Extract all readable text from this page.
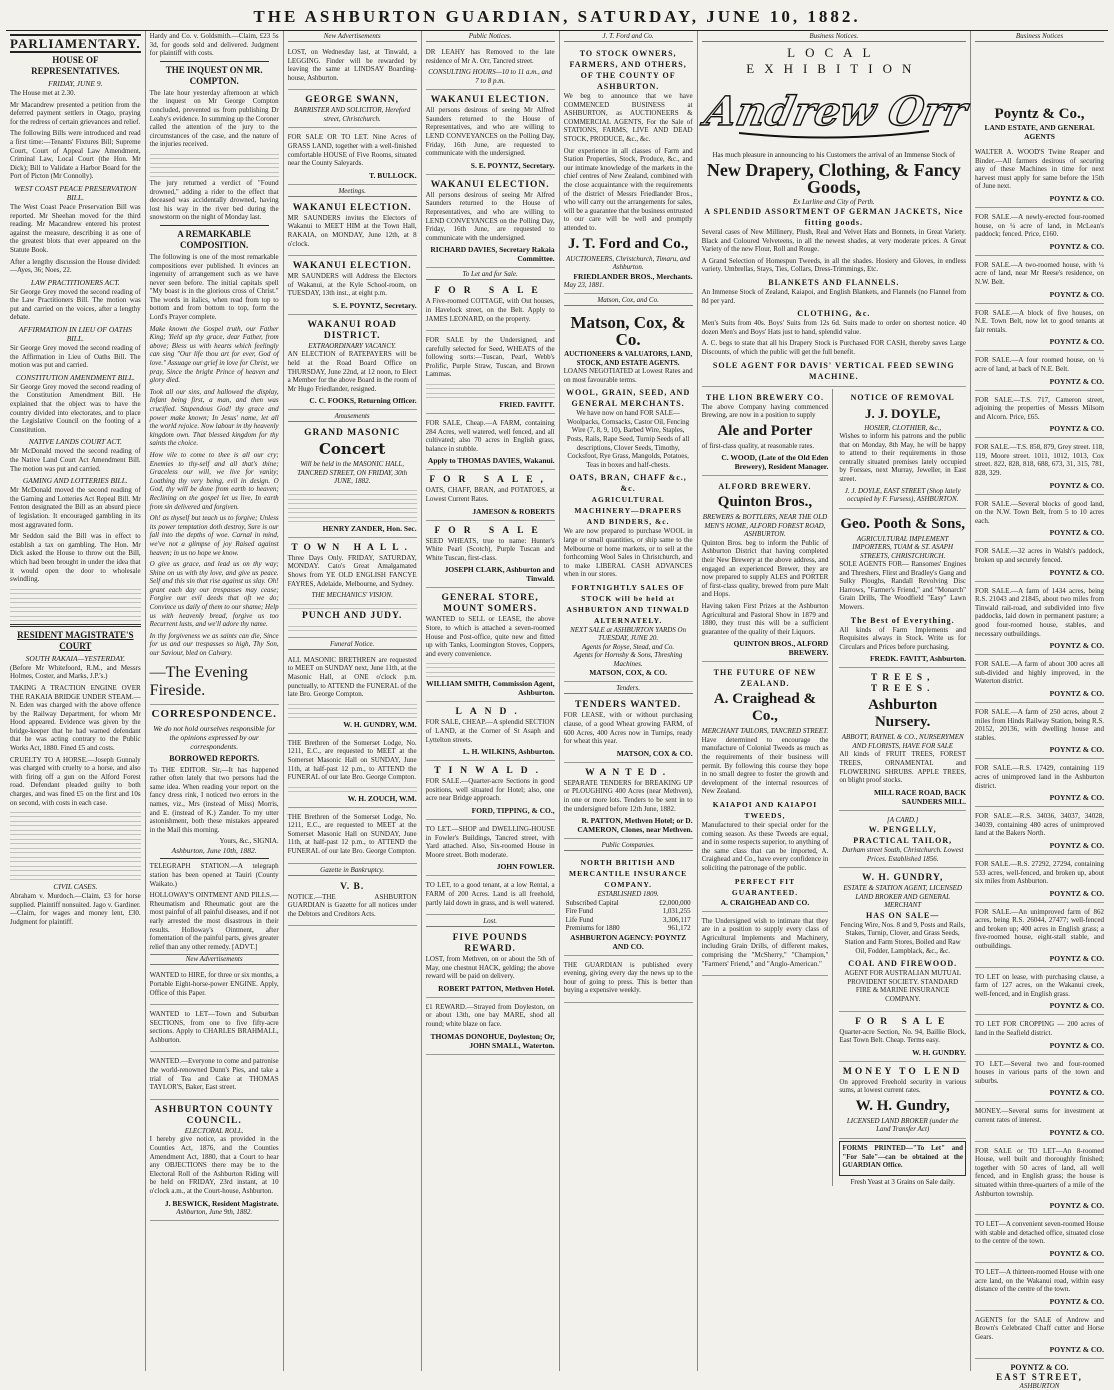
THE ASHBURTON GUARDIAN, SATURDAY, JUNE 10, 1882.
PARLIAMENTARY.
HOUSE OF REPRESENTATIVES.
FRIDAY, JUNE 9.

The House met at 2.30.

Mr Macandrew presented a petition from the deferred payment settlers in Otago, praying for the redress of certain grievances and relief.

The following Bills were introduced and read a first time:—Tenants' Fixtures Bill; Supreme Court, Court of Appeal Law Amendment, Criminal Law, Local Court (the Hon. Mr Dick); Bill to Validate a Harbor Board for the Port of Picton (Mr Connolly).

WEST COAST PEACE PRESERVATION BILL.

The West Coast Peace Preservation Bill was reported. Mr Sheehan moved for the third reading. Mr Macandrew entered his protest against the measure, describing it as one of the greatest blots that ever appeared on the Statute Book.

After a lengthy discussion the House divided:—Ayes, 36; Noes, 22.

LAW PRACTITIONERS ACT.

Sir George Grey moved the second reading of the Law Practitioners Bill. The motion was put and carried on the voices, after a lengthy debate.

AFFIRMATION IN LIEU OF OATHS BILL.

Sir George Grey moved the second reading of the Affirmation in Lieu of Oaths Bill. The motion was put and carried.

CONSTITUTION AMENDMENT BILL.

Sir George Grey moved the second reading of the Constitution Amendment Bill. He explained that the object was to have the country divided into electorates, and to place the Legislative Council on the footing of a Constitution.

NATIVE LANDS COURT ACT.

Mr McDonald moved the second reading of the Native Land Court Act Amendment Bill. The motion was put and carried.

GAMING AND LOTTERIES BILL.

Mr McDonald moved the second reading of the Gaming and Lotteries Act Repeal Bill. Mr Fenton designated the Bill as an absurd piece of legislation. It encouraged gambling in its most aggravated form.

Mr Seddon said the Bill was in effect to establish a tax on gambling. The Hon. Mr Dick asked the House to throw out the Bill, which had been brought in under the idea that it would open the door to wholesale swindling.

RESIDENT MAGISTRATE'S COURT
SOUTH RAKAIA—YESTERDAY.

(Before Mr Whitefoord, R.M., and Messrs Holmes, Coster, and Marks, J.P.'s.)

TAKING A TRACTION ENGINE OVER THE RAKAIA BRIDGE UNDER STEAM.—N. Eden was charged with the above offence by the Railway Department, for whom Mr Hood appeared. Evidence was given by the bridge-keeper that he had warned defendant that he was acting contrary to the Public Works Act, 1880. Fined £5 and costs.

CRUELTY TO A HORSE.—Joseph Gunnaly was charged with cruelty to a horse, and also with firing off a gun on the Alford Forest road. Defendant pleaded guilty to both charges, and was fined £5 on the first and 10s on second, with costs in each case.

CIVIL CASES.

Abraham v. Murdoch.—Claim, £3 for horse supplied. Plaintiff nonsuited. Jago v. Gardiner.—Claim, for wages and money lent, £30. Judgment for plaintiff.

Hardy and Co. v. Goldsmith.—Claim, £23 5s 3d, for goods sold and delivered. Judgment for plaintiff with costs.

THE INQUEST ON MR. COMPTON.

The late hour yesterday afternoon at which the inquest on Mr George Compton concluded, prevented us from publishing Dr Leahy's evidence. In summing up the Coroner called the attention of the jury to the circumstances of the case, and the nature of the injuries received.

The jury returned a verdict of "Found drowned," adding a rider to the effect that deceased was accidentally drowned, having lost his way in the river bed during the snowstorm on the night of Monday last.

A REMARKABLE COMPOSITION.

The following is one of the most remarkable compositions ever published. It evinces an ingenuity of arrangement such as we have never seen before. The initial capitals spell "My boast is in the glorious cross of Christ." The words in italics, when read from top to bottom and from bottom to top, form the Lord's Prayer complete.

Make known the Gospel truth, our Father King; Yield up thy grace, dear Father, from above; Bless us with hearts which feelingly can sing "Our life thou art for ever, God of love." Assuage our grief in love for Christ, we pray, Since the bright Prince of heaven and glory died.

Took all our sins, and hallowed the display, Infant being first, a man, and then was crucified. Stupendous God! thy grace and power make known; In Jesus' name, let all the world rejoice. Now labour in thy heavenly kingdom own. That blessed kingdom for thy saints the choice.

How vile to come to thee is all our cry; Enemies to thy-self and all that's thine; Graceless our will, we live for vanity; Loathing thy very being, evil in design. O God, thy will be done from earth to heaven; Reclining on the gospel let us live, In earth from sin delivered and forgiven.

Oh! as thyself but teach us to forgive; Unless its power temptation doth destroy, Sure is our fall into the depths of woe. Carnal in mind, we've not a glimpse of joy Raised against heaven; in us no hope we know.

O give us grace, and lead us on thy way; Shine on us with thy love, and give us peace. Self and this sin that rise against us slay. Oh! grant each day our trespasses may cease; Forgive our evil deeds that oft we do; Convince us daily of them to our shame; Help us with heavenly bread, forgive us too Recurrent lusts, and we'll adore thy name.

In thy forgiveness we as saints can die, Since for us and our trespasses so high, Thy Son, our Saviour, bled on Calvary.

—The Evening Fireside.
CORRESPONDENCE.
We do not hold ourselves responsible for the opinions expressed by our correspondents.
BORROWED REPORTS.

To THE EDITOR. Sir,—It has happened rather often lately that two persons had the same idea. When reading your report on the fancy dress rink, I noticed two errors in the names, viz., Mrs (instead of Miss) Morris, and E. (instead of K.) Zander. To my utter astonishment, both these mistakes appeared in the Mail this morning.

Yours, &c., SIGNIA.
Ashburton, June 10th, 1882.

TELEGRAPH STATION.—A telegraph station has been opened at Tauiri (County Waikato.)

HOLLOWAY'S OINTMENT AND PILLS.—Rheumatism and Rheumatic gout are the most painful of all painful diseases, and if not early arrested the most disastrous in their results. Holloway's Ointment, after fomentation of the painful parts, gives greater relief than any other remedy. [ADVT.]

New Advertisements

WANTED to HIRE, for three or six months, a Portable Eight-horse-power ENGINE. Apply, Office of this Paper.

WANTED to LET—Town and Suburban SECTIONS, from one to five fifty-acre sections. Apply to CHARLES BRAHMALL, Ashburton.

WANTED.—Everyone to come and patronise the world-renowned Dunn's Pies, and take a trial of Tea and Cake at THOMAS TAYLOR'S, Baker, East street.

ASHBURTON COUNTY COUNCIL.
ELECTORAL ROLL.

I hereby give notice, as provided in the Counties Act, 1876, and the Counties Amendment Act, 1880, that a Court to hear any OBJECTIONS there may be to the Electoral Roll of the Ashburton Riding will be held on FRIDAY, 23rd instant, at 10 o'clock a.m., at the Court-house, Ashburton.

J. BESWICK, Resident Magistrate.
Ashburton, June 9th, 1882.
New Advertisements

LOST, on Wednesday last, at Tinwald, a LEGGING. Finder will be rewarded by leaving the same at LINDSAY Boarding-house, Ashburton.

GEORGE SWANN,
BARRISTER AND SOLICITOR, Hereford street, Christchurch.

FOR SALE OR TO LET. Nine Acres of GRASS LAND, together with a well-finished comfortable HOUSE of Five Rooms, situated near the County Saleyards.

T. BULLOCK.
Meetings.
WAKANUI ELECTION.

MR SAUNDERS invites the Electors of Wakanui to MEET HIM at the Town Hall, RAKAIA, on MONDAY, June 12th, at 8 o'clock.

WAKANUI ELECTION.

MR SAUNDERS will Address the Electors of Wakanui, at the Kyle School-room, on TUESDAY, 13th inst., at eight p.m.

S. E. POYNTZ, Secretary.
WAKANUI ROAD DISTRICT.
EXTRAORDINARY VACANCY.

AN ELECTION of RATEPAYERS will be held at the Road Board Office on THURSDAY, June 22nd, at 12 noon, to Elect a Member for the above Board in the room of Mr Hugo Friedlander, resigned.

C. C. FOOKS, Returning Officer.
Amusements
GRAND MASONIC
Concert
Will be held in the MASONIC HALL, TANCRED STREET, ON FRIDAY, 30th JUNE, 1882.
HENRY ZANDER, Hon. Sec.
TOWN HALL.

Three Days Only. FRIDAY, SATURDAY, MONDAY. Cato's Great Amalgamated Shows from YE OLD ENGLISH FANCYE FAYRES, Adelaide, Melbourne, and Sydney.

THE MECHANICS' VISION.
PUNCH AND JUDY.
Funeral Notice.

ALL MASONIC BRETHREN are requested to MEET on SUNDAY next, June 11th, at the Masonic Hall, at ONE o'clock p.m. punctually, to ATTEND the FUNERAL of the late Bro. George Compton.

W. H. GUNDRY, W.M.

THE Brethren of the Somerset Lodge, No. 1211, E.C., are requested to MEET at the Somerset Masonic Hall on SUNDAY, June 11th, at half-past 12 p.m., to ATTEND the FUNERAL of our late Bro. George Compton.

W. H. ZOUCH, W.M.

THE Brethren of the Somerset Lodge, No. 1211, E.C., are requested to MEET at the Somerset Masonic Hall on SUNDAY, June 11th, at half-past 12 p.m., to ATTEND the FUNERAL of our late Bro. George Compton.

Gazette in Bankruptcy.
V. B.

NOTICE.—THE ASHBURTON GUARDIAN is Gazette for all notices under the Debtors and Creditors Acts.

Public Notices.

DR LEAHY has Removed to the late residence of Mr A. Orr, Tancred street.

CONSULTING HOURS—10 to 11 a.m., and 7 to 8 p.m.
WAKANUI ELECTION.

All persons desirous of seeing Mr Alfred Saunders returned to the House of Representatives, and who are willing to LEND CONVEYANCES on the Polling Day, Friday, 16th June, are requested to communicate with the undersigned.

S. E. POYNTZ, Secretary.
WAKANUI ELECTION.

All persons desirous of seeing Mr Alfred Saunders returned to the House of Representatives, and who are willing to LEND CONVEYANCES on the Polling Day, Friday, 16th June, are requested to communicate with the undersigned.

RICHARD DAVIES, Secretary Rakaia Committee.
To Let and for Sale.
FOR SALE

A Five-roomed COTTAGE, with Out houses, in Havelock street, on the Belt. Apply to JAMES LEONARD, on the property.

FOR SALE by the Undersigned, and carefully selected for Seed, WHEATS of the following sorts:—Tuscan, Pearl, Webb's Prolific, Purple Straw, Tuscan, and Brown Lammas.

FRIED. FAVITT.

FOR SALE, Cheap.—A FARM, containing 284 Acres, well watered, well fenced, and all cultivated; also 70 acres in English grass, balance in stubble.

Apply to THOMAS DAVIES, Wakanui.
FOR SALE,

OATS, CHAFF, BRAN, and POTATOES, at Lowest Current Rates.

JAMESON & ROBERTS
FOR SALE

SEED WHEATS, true to name: Hunter's White Pearl (Scotch), Purple Tuscan and White Tuscan, first-class.

JOSEPH CLARK, Ashburton and Tinwald.
GENERAL STORE, MOUNT SOMERS.

WANTED to SELL or LEASE, the above Store, to which is attached a seven-roomed House and Post-office, quite new and fitted up with Tanks, Loomington Stoves, Coppers, and every convenience.

WILLIAM SMITH, Commission Agent, Ashburton.
LAND.

FOR SALE, CHEAP.—A splendid SECTION of LAND, at the Corner of St Asaph and Lyttelton streets.

L. H. WILKINS, Ashburton.
TINWALD.

FOR SALE.—Quarter-acre Sections in good positions, well situated for Hotel; also, one acre near Bridge approach.

FORD, TIPPING, & CO.,

TO LET.—SHOP and DWELLING-HOUSE in Fowler's Buildings, Tancred street, with Yard attached. Also, Six-roomed House in Moore street. Both moderate.

JOHN FOWLER.

TO LET, to a good tenant, at a low Rental, a FARM of 200 Acres. Land is all freehold, partly laid down in grass, and is well watered.

Lost.
FIVE POUNDS REWARD.

LOST, from Methven, on or about the 5th of May, one chestnut HACK, gelding; the above reward will be paid on delivery.

ROBERT PATTON, Methven Hotel.

£1 REWARD.—Strayed from Doyleston, on or about 13th, one bay MARE, shod all round; white blaze on face.

THOMAS DONOHUE, Doyleston; Or, JOHN SMALL, Waterton.
J. T. Ford and Co.
TO STOCK OWNERS, FARMERS, AND OTHERS, OF THE COUNTY OF ASHBURTON.

We beg to announce that we have COMMENCED BUSINESS at ASHBURTON, as AUCTIONEERS & COMMERCIAL AGENTS, For the Sale of STATIONS, FARMS, LIVE AND DEAD STOCK, PRODUCE, &c., &c.

Our experience in all classes of Farm and Station Properties, Stock, Produce, &c., and our intimate knowledge of the markets in the chief centres of New Zealand, combined with the close acquaintance with the requirements of the district of Messrs Friedlander Bros., who will carry out the arrangements for sales, will be a guarantee that the business entrusted to our care will be well and promptly attended to.

J. T. Ford and Co.,
AUCTIONEERS, Christchurch, Timaru, and Ashburton.
FRIEDLANDER BROS., Merchants.
May 23, 1881.
Matson, Cox, and Co.
Matson, Cox, & Co.
AUCTIONEERS & VALUATORS, LAND, STOCK, AND ESTATE AGENTS.

LOANS NEGOTIATED at Lowest Rates and on most favourable terms.

WOOL, GRAIN, SEED, AND GENERAL MERCHANTS.

We have now on hand FOR SALE— Woolpacks, Cornsacks, Castor Oil, Fencing Wire (7, 8, 9, 10), Barbed Wire, Staples, Posts, Rails, Rape Seed, Turnip Seeds of all descriptions, Clover Seeds, Timothy, Cocksfoot, Rye Grass, Mangolds, Potatoes, Teas in boxes and half-chests.

OATS, BRAN, CHAFF &c., &c.
AGRICULTURAL MACHINERY—DRAPERS AND BINDERS, &c.

We are now prepared to purchase WOOL in large or small quantities, or ship same to the Melbourne or home markets, or to sell at the forthcoming Wool Sales in Christchurch, and to make LIBERAL CASH ADVANCES when in our stores.

FORTNIGHTLY SALES OF STOCK will be held at ASHBURTON AND TINWALD ALTERNATELY.
NEXT SALE at ASHBURTON YARDS On TUESDAY, JUNE 20.
Agents for Royse, Stead, and Co.
Agents for Hornsby & Sons, Threshing Machines.
MATSON, COX, & CO.
Tenders.
TENDERS WANTED.

FOR LEASE, with or without purchasing clause, of a good Wheat growing FARM, of 600 Acres, 400 Acres now in Turnips, ready for wheat this year.

MATSON, COX & CO.
WANTED.

SEPARATE TENDERS for BREAKING UP or PLOUGHING 400 Acres (near Methven), in one or more lots. Tenders to be sent in to the undersigned before 12th June, 1882.

R. PATTON, Methven Hotel; or D. CAMERON, Clones, near Methven.
Public Companies.
NORTH BRITISH AND MERCANTILE INSURANCE COMPANY.
ESTABLISHED 1809.
Subscribed Capital	£2,000,000
Fire Fund	1,031,255
Life Fund	3,306,117
Premiums for 1880	961,172
ASHBURTON AGENCY: POYNTZ AND CO.

THE GUARDIAN is published every evening, giving every day the news up to the hour of going to press. This is better than buying a expensive weekly.

Business Notices.
LOCAL EXHIBITION
Andrew Orr
Has much pleasure in announcing to his Customers the arrival of an Immense Stock of
New Drapery, Clothing, & Fancy Goods,
Ex Lurline and City of Perth.
A SPLENDID ASSORTMENT OF GERMAN JACKETS, Nice fitting goods.

Several cases of New Millinery, Plush, Real and Velvet Hats and Bonnets, in Great Variety. Black and Coloured Velveteens, in all the newest shades, at very moderate prices. A Great Variety of the new Flour, Roll and Rouge.

A Grand Selection of Homespun Tweeds, in all the shades. Hosiery and Gloves, in endless variety. Umbrellas, Stays, Ties, Collars, Dress-Trimmings, Etc.

BLANKETS AND FLANNELS.

An Immense Stock of Zealand, Kaiapoi, and English Blankets, and Flannels (no Flannel from 8d per yard.

CLOTHING, &c.

Men's Suits from 40s. Boys' Suits from 12s 6d. Suits made to order on shortest notice. 40 dozen Men's and Boys' Hats just to hand, splendid value.

A. C. begs to state that all his Drapery Stock is Purchased FOR CASH, thereby saves Large Discounts, of which the public will get the full benefit.

SOLE AGENT FOR DAVIS' VERTICAL FEED SEWING MACHINE.
THE LION BREWERY CO.

The above Company having commenced Brewing, are now in a position to supply

Ale and Porter

of first-class quality, at reasonable rates.

C. WOOD, (Late of the Old Eden Brewery), Resident Manager.
ALFORD BREWERY.
Quinton Bros.,
BREWERS & BOTTLERS, NEAR THE OLD MEN'S HOME, ALFORD FOREST ROAD, ASHBURTON.

Quinton Bros. beg to inform the Public of Ashburton District that having completed their New Brewery at the above address, and engaged an experienced Brewer, they are now prepared to supply ALES and PORTER of first-class quality, brewed from pure Malt and Hops.

Having taken First Prizes at the Ashburton Agricultural and Pastoral Show in 1879 and 1880, they trust this will be a sufficient guarantee of the quality of their Liquors.

QUINTON BROS., ALFORD BREWERY.
THE FUTURE OF NEW ZEALAND.
A. Craighead & Co.,
MERCHANT TAILORS, TANCRED STREET.

Have determined to encourage the manufacture of Colonial Tweeds as much as the requirements of their business will permit. By following this course they hope in no small degree to foster the growth and development of the internal resources of New Zealand.

KAIAPOI AND KAIAPOI TWEEDS,

Manufactured to their special order for the coming season. As these Tweeds are equal, and in some respects superior, to anything of the same class that can be imported, A. Craighead and Co., have every confidence in soliciting the patronage of the public.

PERFECT FIT GUARANTEED.
A. CRAIGHEAD AND CO.

The Undersigned wish to intimate that they are in a position to supply every class of Agricultural Implements and Machinery, including Grain Drills, of different makes, comprising the "McSherry," "Champion," "Farmers' Friend," and "Anglo-American."

NOTICE OF REMOVAL
J. J. DOYLE,
HOSIER, CLOTHIER, &c.,

Wishes to inform his patrons and the public that on Monday, 8th May, he will be happy to attend to their requirements in those centrally situated premises lately occupied by Forsses, next Murray, Jeweller, in East street.

J. J. DOYLE, EAST STREET (Shop lately occupied by F. Fursess), ASHBURTON.
Geo. Pooth & Sons,
AGRICULTURAL IMPLEMENT IMPORTERS, TUAM & ST. ASAPH STREETS, CHRISTCHURCH.

SOLE AGENTS FOR— Ransomes' Engines and Threshers, Flirst and Bradley's Gang and Sulky Ploughs, Randall Revolving Disc Harrows, "Farmer's Friend," and "Monarch" Grain Drills, The Woodfield "Easy" Lawn Mowers.

The Best of Everything.

All kinds of Farm Implements and Requisites always in Stock. Write us for Circulars and Prices before purchasing.

FREDK. FAVITT, Ashburton.
TREES, TREES.
Ashburton Nursery.
ABBOTT, RAYNEL & CO., NURSERYMEN AND FLORISTS, HAVE FOR SALE

All kinds of FRUIT TREES, FOREST TREES, ORNAMENTAL and FLOWERING SHRUBS. APPLE TREES, on blight proof stocks.

MILL RACE ROAD, BACK SAUNDERS MILL.
[A CARD.]
W. PENGELLY, PRACTICAL TAILOR,
Durham street South, Christchurch. Lowest Prices. Established 1856.
W. H. GUNDRY,
ESTATE & STATION AGENT, LICENSED LAND BROKER AND GENERAL MERCHANT
HAS ON SALE—

Fencing Wire, Nos. 8 and 9, Posts and Rails, Stakes, Turnip, Clover, and Grass Seeds, Station and Farm Stores, Boiled and Raw Oil, Fodder, Lampblack, &c., &c.

COAL AND FIREWOOD.

AGENT FOR AUSTRALIAN MUTUAL PROVIDENT SOCIETY. STANDARD FIRE & MARINE INSURANCE COMPANY.

FOR SALE

Quarter-acre Section, No. 94, Baillie Block, East Town Belt. Cheap. Terms easy.

W. H. GUNDRY.
MONEY TO LEND

On approved Freehold security in various sums, at lowest current rates.

W. H. Gundry,
LICENSED LAND BROKER (under the Land Transfer Act)

FORMS PRINTED—"To Let" and "For Sale"—can be obtained at the GUARDIAN Office.

Fresh Yeast at 3 Grains on Sale daily.
Business Notices
Poyntz & Co.,
LAND ESTATE, AND GENERAL AGENTS

WALTER A. WOOD'S Twine Reaper and Binder.—All farmers desirous of securing any of these Machines in time for next harvest must apply for same before the 15th of June next.

POYNTZ & CO.

FOR SALE.—A newly-erected four-roomed house, on ¼ acre of land, in McLean's paddock; fenced. Price, £160.

POYNTZ & CO.

FOR SALE.—A two-roomed house, with ¼ acre of land, near Mr Reese's residence, on N.W. Belt.

POYNTZ & CO.

FOR SALE.—A block of five houses, on N.E. Town Belt, now let to good tenants at fair rentals.

POYNTZ & CO.

FOR SALE.—A four roomed house, on ¼ acre of land, at back of N.E. Belt.

POYNTZ & CO.

FOR SALE.—T.S. 717, Cameron street, adjoining the properties of Messrs Milsom and Alcorn. Price, £65.

POYNTZ & CO.

FOR SALE.—T.S. 858, 879, Grey street. 118, 119, Moore street. 1011, 1012, 1013, Cox street. 822, 828, 818, 688, 673, 31, 315, 781, 828, 329.

POYNTZ & CO.

FOR SALE.—Several blocks of good land, on the N.W. Town Belt, from 5 to 10 acres each.

POYNTZ & CO.

FOR SALE.—32 acres in Walsh's paddock, broken up and securely fenced.

POYNTZ & CO.

FOR SALE.—A farm of 1434 acres, being R.S. 21043 and 21845, about two miles from Tinwald rail-road, and subdivided into five paddocks, laid down in permanent pasture; a good four-roomed house, stables, and necessary outbuildings.

POYNTZ & CO.

FOR SALE.—A farm of about 300 acres all sub-divided and highly improved, in the Waterton district.

POYNTZ & CO.

FOR SALE.—A farm of 250 acres, about 2 miles from Hinds Railway Station, being R.S. 20152, 20136, with dwelling house and stables.

POYNTZ & CO.

FOR SALE.—R.S. 17429, containing 119 acres of unimproved land in the Ashburton district.

POYNTZ & CO.

FOR SALE.—R.S. 34036, 34037, 34028, 34039, containing 480 acres of unimproved land at the Bakers North.

POYNTZ & CO.

FOR SALE.—R.S. 27292, 27294, containing 533 acres, well-fenced, and broken up, about six miles from Ashburton.

POYNTZ & CO.

FOR SALE.—An unimproved farm of 862 acres, being R.S. 26044, 27477; well-fenced and broken up; 400 acres in English grass; a five-roomed house, eight-stall stable, and outbuildings.

POYNTZ & CO.

TO LET on lease, with purchasing clause, a farm of 127 acres, on the Wakanui creek, well-fenced, and in English grass.

POYNTZ & CO.

TO LET FOR CROPPING — 200 acres of land in the Seafield district.

POYNTZ & CO.

TO LET.—Several two and four-roomed houses in various parts of the town and suburbs.

POYNTZ & CO.

MONEY.—Several sums for investment at current rates of interest.

POYNTZ & CO.

FOR SALE or TO LET—An 8-roomed House, well built and thoroughly finished; together with 50 acres of land, all well fenced, and in English grass; the house is situated within three-quarters of a mile of the Ashburton township.

POYNTZ & CO.

TO LET—A convenient seven-roomed House with stable and detached office, situated close to the centre of the town.

POYNTZ & CO.

TO LET—A thirteen-roomed House with one acre land, on the Wakanui road, within easy distance of the centre of the town.

POYNTZ & CO.

AGENTS for the SALE of Andrew and Brown's Celebrated Chaff cutter and Horse Gears.

POYNTZ & CO.
POYNTZ & CO.
EAST STREET,
ASHBURTON
